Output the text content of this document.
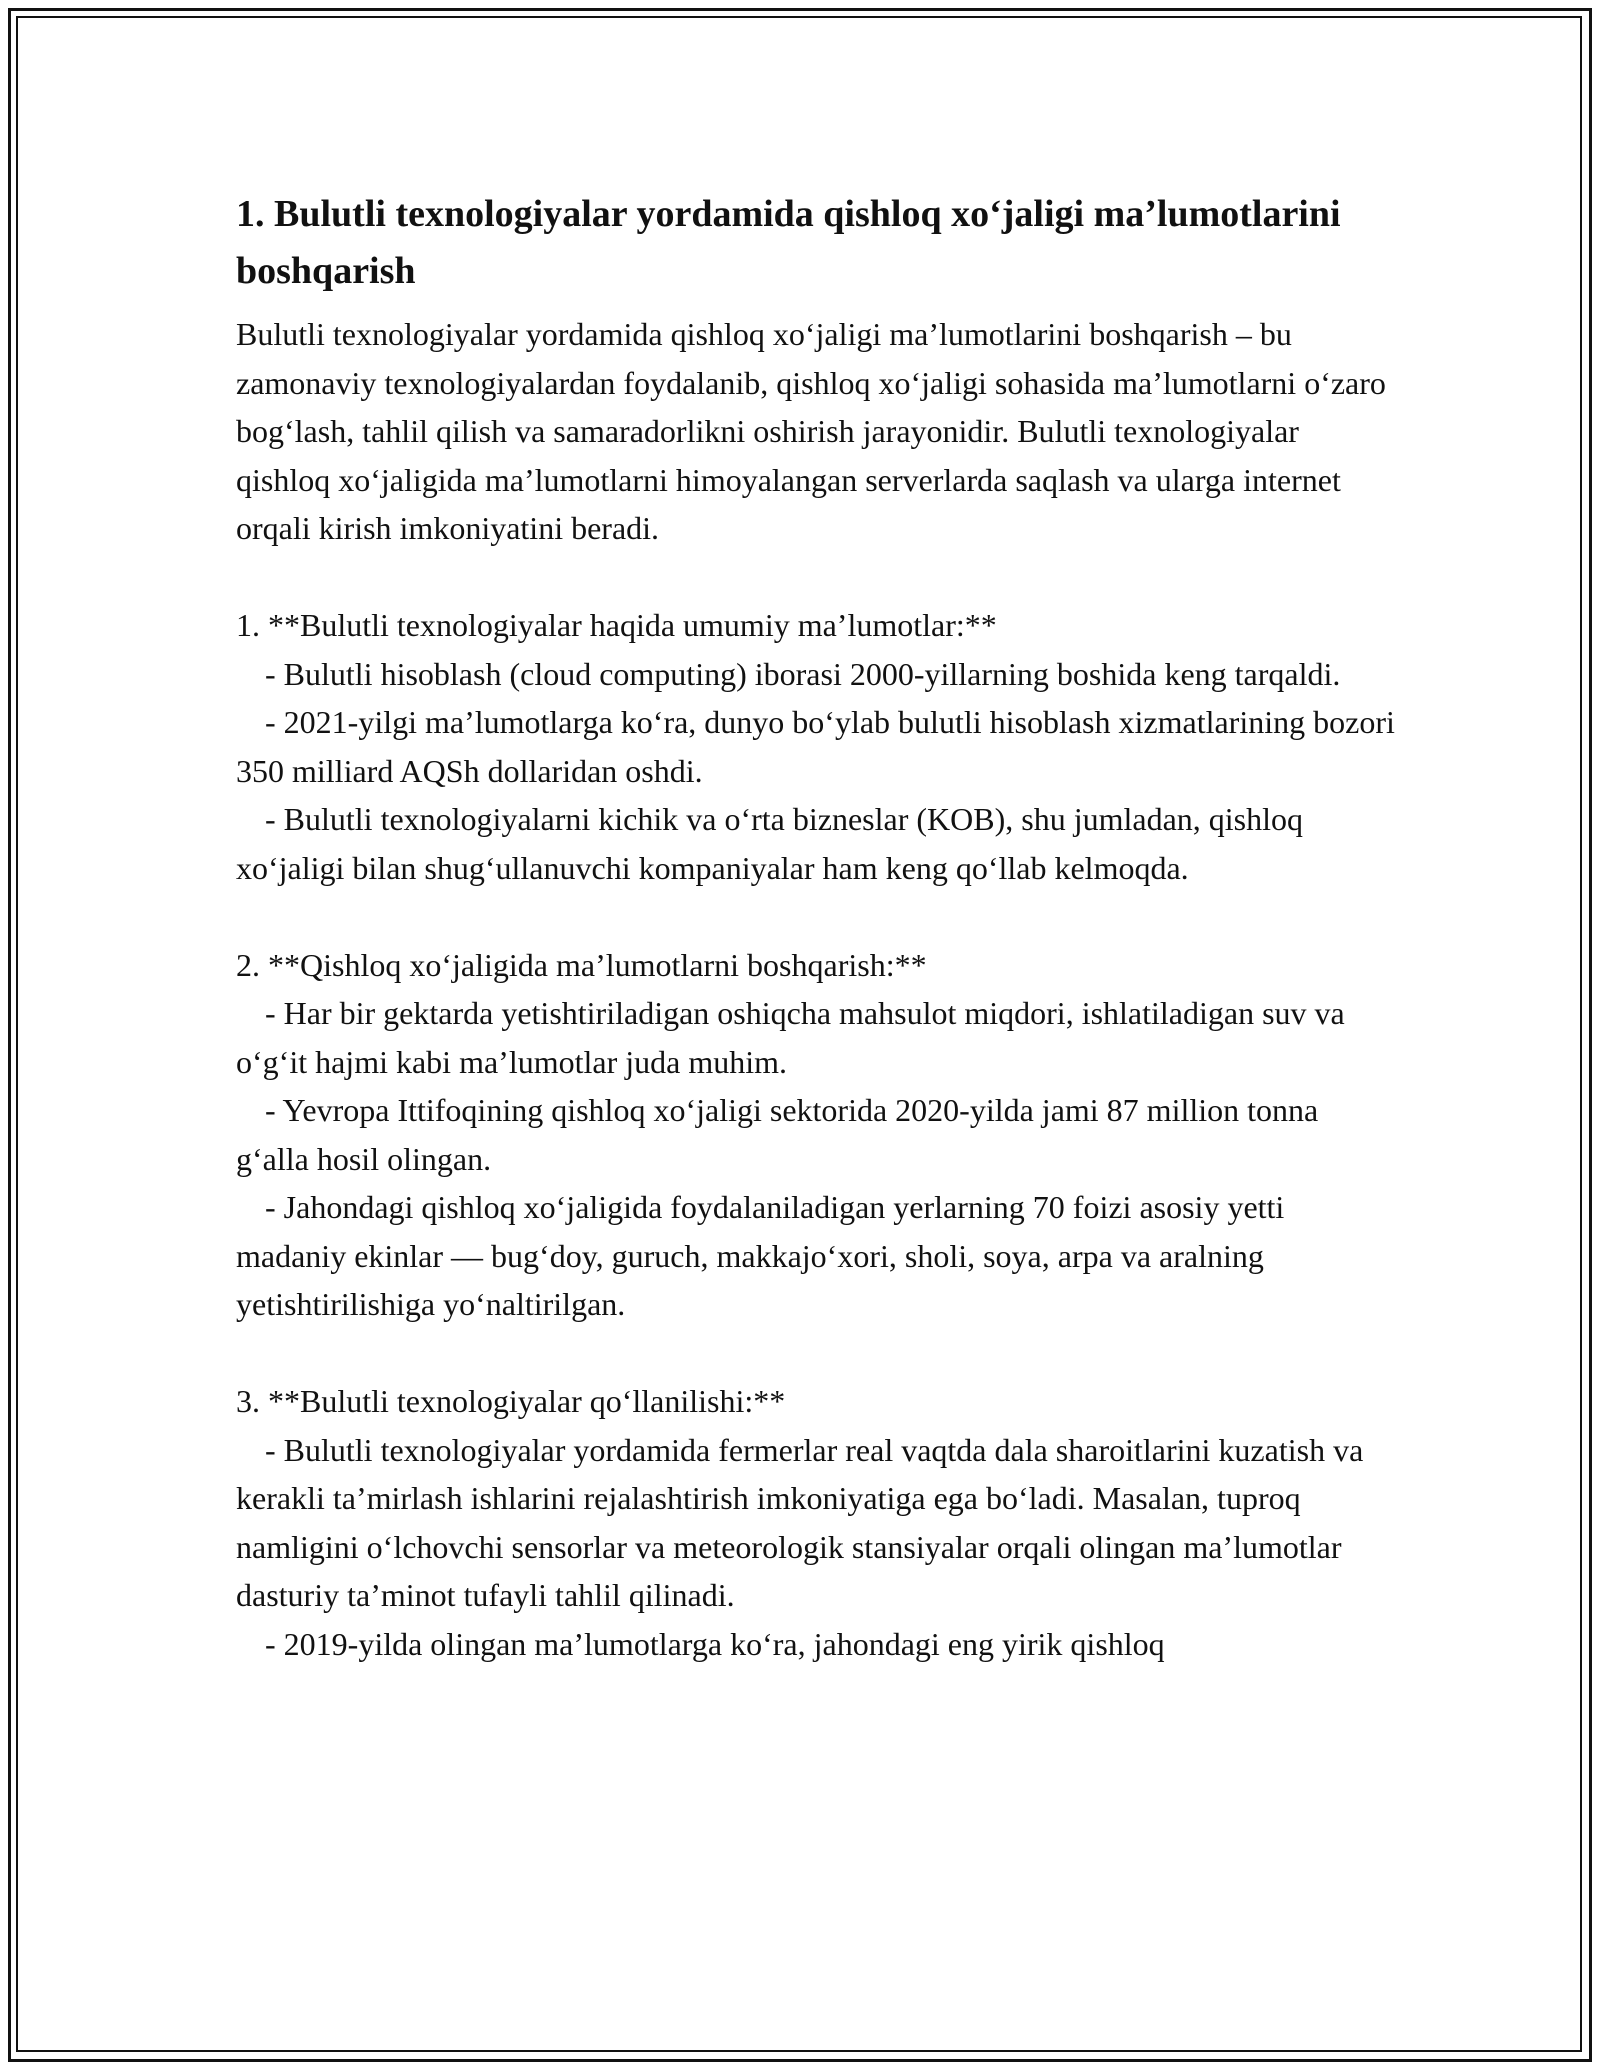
1. Bulutli texnologiyalar yordamida qishloq xo‘jaligi ma’lumotlarini boshqarish

Bulutli texnologiyalar yordamida qishloq xo‘jaligi ma’lumotlarini boshqarish – bu zamonaviy texnologiyalardan foydalanib, qishloq xo‘jaligi sohasida ma’lumotlarni o‘zaro bog‘lash, tahlil qilish va samaradorlikni oshirish jarayonidir. Bulutli texnologiyalar qishloq xo‘jaligida ma’lumotlarni himoyalangan serverlarda saqlash va ularga internet orqali kirish imkoniyatini beradi.

1. **Bulutli texnologiyalar haqida umumiy ma’lumotlar:**

- Bulutli hisoblash (cloud computing) iborasi 2000-yillarning boshida keng tarqaldi.

- 2021-yilgi ma’lumotlarga ko‘ra, dunyo bo‘ylab bulutli hisoblash xizmatlarining bozori 350 milliard AQSh dollaridan oshdi.

- Bulutli texnologiyalarni kichik va o‘rta bizneslar (KOB), shu jumladan, qishloq xo‘jaligi bilan shug‘ullanuvchi kompaniyalar ham keng qo‘llab kelmoqda.

2. **Qishloq xo‘jaligida ma’lumotlarni boshqarish:**

- Har bir gektarda yetishtiriladigan oshiqcha mahsulot miqdori, ishlatiladigan suv va o‘g‘it hajmi kabi ma’lumotlar juda muhim.

- Yevropa Ittifoqining qishloq xo‘jaligi sektorida 2020-yilda jami 87 million tonna g‘alla hosil olingan.

- Jahondagi qishloq xo‘jaligida foydalaniladigan yerlarning 70 foizi asosiy yetti madaniy ekinlar — bug‘doy, guruch, makkajo‘xori, sholi, soya, arpa va aralning yetishtirilishiga yo‘naltirilgan.

3. **Bulutli texnologiyalar qo‘llanilishi:**

- Bulutli texnologiyalar yordamida fermerlar real vaqtda dala sharoitlarini kuzatish va kerakli ta’mirlash ishlarini rejalashtirish imkoniyatiga ega bo‘ladi. Masalan, tuproq namligini o‘lchovchi sensorlar va meteorologik stansiyalar orqali olingan ma’lumotlar dasturiy ta’minot tufayli tahlil qilinadi.

- 2019-yilda olingan ma’lumotlarga ko‘ra, jahondagi eng yirik qishloq
